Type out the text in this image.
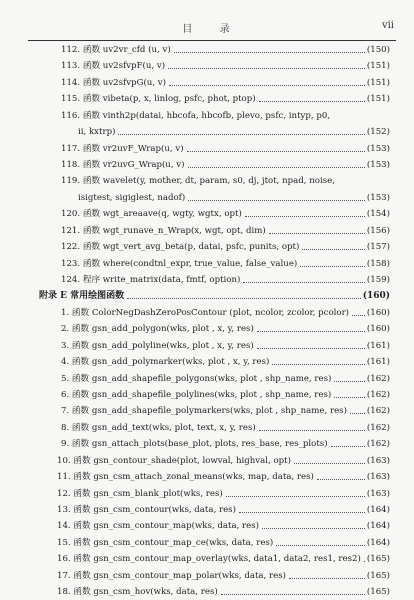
目 录	vii
112. 函数 uv2vr_cfd (u, v)	(150)
113. 函数 uv2sfvpF(u, v)	(151)
114. 函数 uv2sfvpG(u, v)	(151)
115. 函数 vibeta(p, x, linlog, psfc, phot, ptop)	(151)
116. 函数 vinth2p(datai, hbcofa, hbcofb, plevo, psfc, intyp, p0,
ii, kxtrp)	(152)
117. 函数 vr2uvF_Wrap(u, v)	(153)
118. 函数 vr2uvG_Wrap(u, v)	(153)
119. 函数 wavelet(y, mother, dt, param, s0, dj, jtot, npad, noise,
isigtest, sigiglest, nadof)	(153)
120. 函数 wgt_areaave(q, wgty, wgtx, opt)	(154)
121. 函数 wgt_runave_n_Wrap(x, wgt, opt, dim)	(156)
122. 函数 wgt_vert_avg_beta(p, datai, psfc, punits, opt)	(157)
123. 函数 where(condtnl_expr, true_value, false_value)	(158)
124. 程序 write_matrix(data, fmtf, option)	(159)
附录 E 常用绘图函数	(160)
1. 函数 ColorNegDashZeroPosContour (plot, ncolor, zcolor, pcolor) (160)
2. 函数 gsn_add_polygon(wks, plot , x, y, res)	(160)
3. 函数 gsn_add_polyline(wks, plot , x, y, res)	(161)
4. 函数 gsn_add_polymarker(wks, plot , x, y, res)	(161)
5. 函数 gsn_add_shapefile_polygons(wks, plot , shp_name, res)	(162)
6. 函数 gsn_add_shapefile_polylines(wks, plot , shp_name, res)	(162)
7. 函数 gsn_add_shapefile_polymarkers(wks, plot , shp_name, res) (162)
8. 函数 gsn_add_text(wks, plot, text, x, y, res)	(162)
9. 函数 gsn_attach_plots(base_plot, plots, res_base, res_plots)	(162)
10. 函数 gsn_contour_shade(plot, lowval, highval, opt)	(163)
11. 函数 gsn_csm_attach_zonal_means(wks, map, data, res)	(163)
12. 函数 gsn_csm_blank_plot(wks, res)	(163)
13. 函数 gsn_csm_contour(wks, data, res)	(164)
14. 函数 gsn_csm_contour_map(wks, data, res)	(164)
15. 函数 gsn_csm_contour_map_ce(wks, data, res)	(164)
16. 函数 gsn_csm_contour_map_overlay(wks, data1, data2, res1, res2) (165)
17. 函数 gsn_csm_contour_map_polar(wks, data, res)	(165)
18. 函数 gsn_csm_hov(wks, data, res)	(165)
